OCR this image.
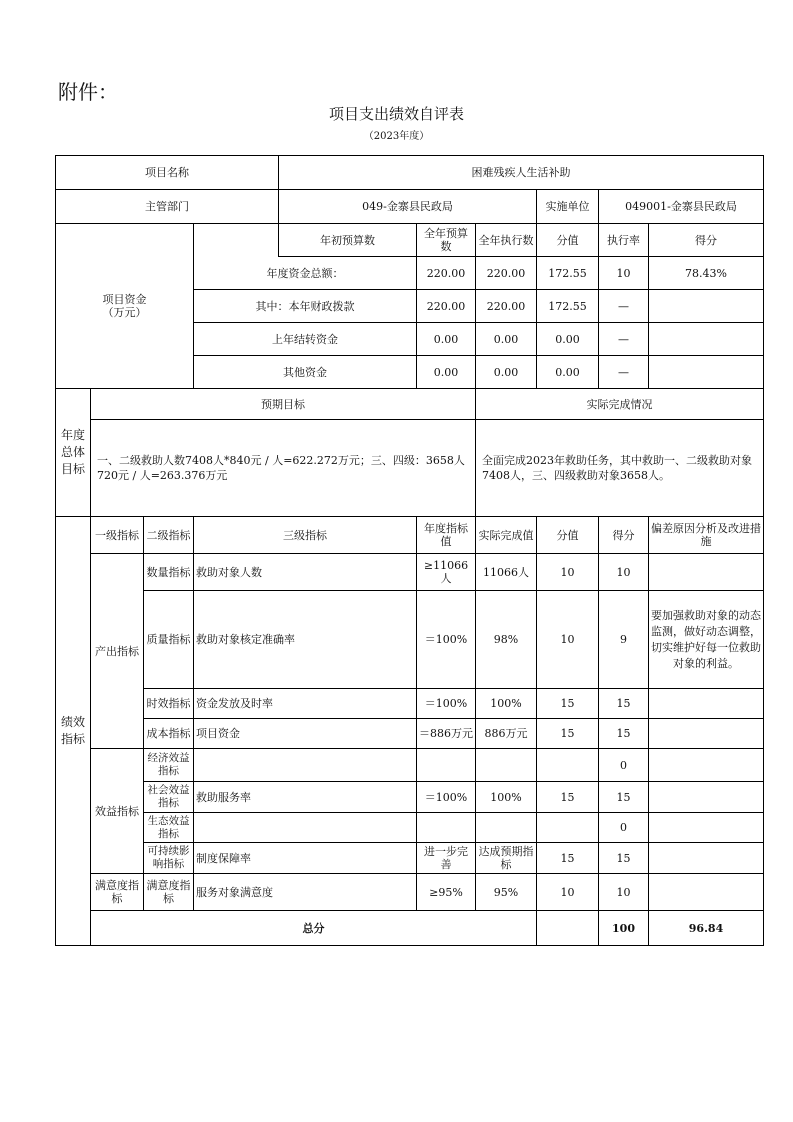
附件：
项目支出绩效自评表
（2023年度）
项目名称				困难残疾人生活补助						
主管部门				049-金寨县民政局			实施单位	049001-金寨县民政局		
项目资金
（万元）				年初预算数	全年预算数	全年执行数	分值	执行率	得分	
			年度资金总额：		220.00	220.00	172.55	10	78.43%	
			其中：本年财政拨款		220.00	220.00	172.55	—		
			上年结转资金		0.00	0.00	0.00	—		
			其他资金		0.00	0.00	0.00	—		
年度总体目标	预期目标					实际完成情况				
	一、二级救助人数7408人*840元 / 人=622.272万元；三、四级：3658人720元 / 人=263.376万元					全面完成2023年救助任务，其中救助一、二级救助对象7408人，三、四级救助对象3658人。				
绩效指标	一级指标	二级指标	三级指标		年度指标值	实际完成值	分值	得分	偏差原因分析及改进措施	
	产出指标	数量指标	救助对象人数		≥11066人	11066人	10	10		
		质量指标	救助对象核定准确率		＝100%	98%	10	9	要加强救助对象的动态监测，做好动态调整，切实维护好每一位救助对象的利益。	
		时效指标	资金发放及时率		＝100%	100%	15	15		
		成本指标	项目资金		＝886万元	886万元	15	15		
	效益指标	经济效益指标						0		
		社会效益指标	救助服务率		＝100%	100%	15	15		
		生态效益指标						0		
		可持续影响指标	制度保障率		进一步完善	达成预期指标	15	15		
	满意度指标	满意度指标	服务对象满意度		≥95%	95%	10	10		
	总分							100	96.84	
